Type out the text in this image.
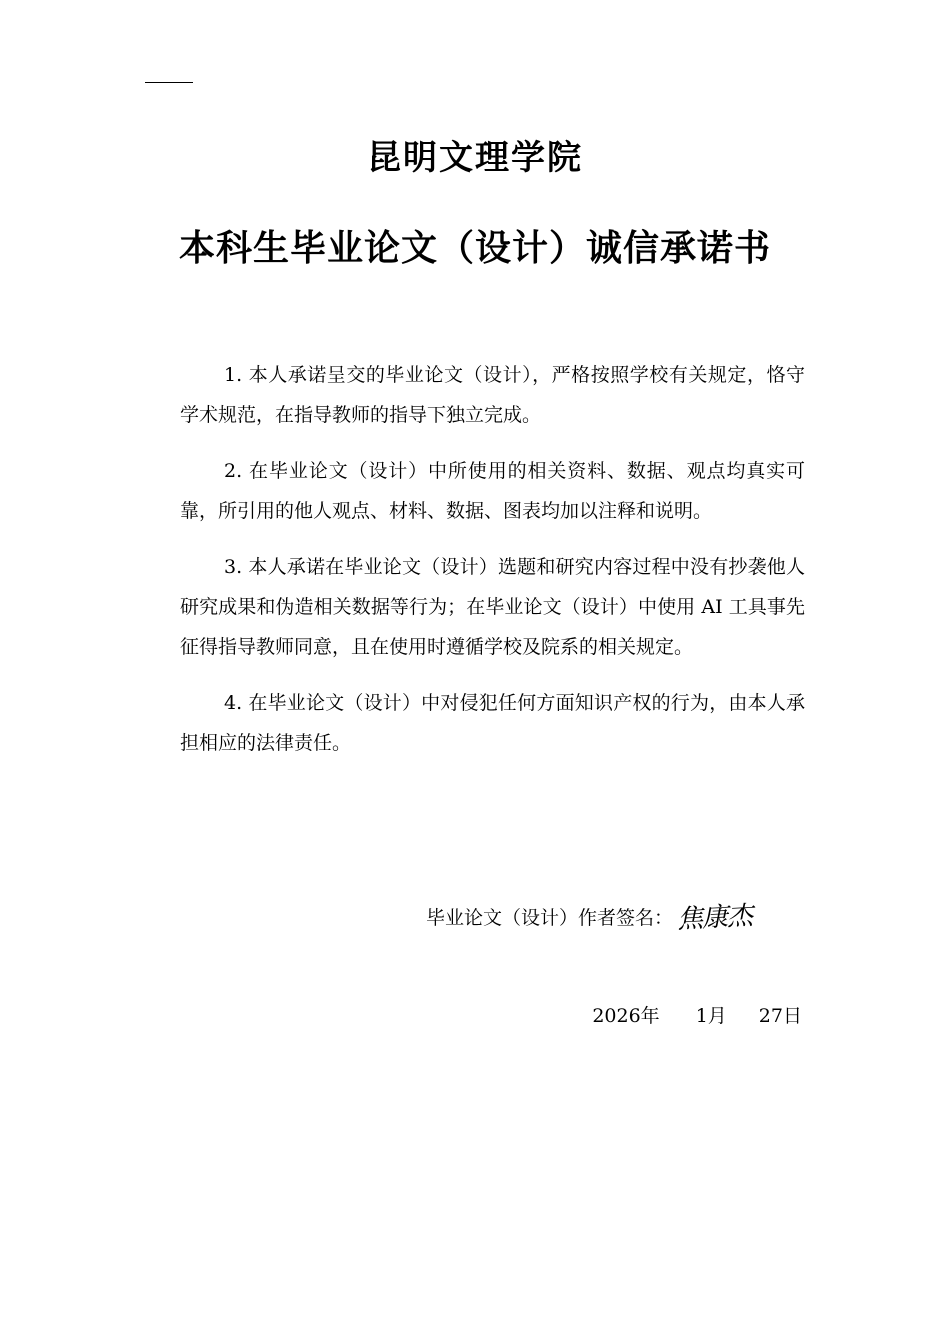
昆明文理学院
本科生毕业论文（设计）诚信承诺书

1. 本人承诺呈交的毕业论文（设计），严格按照学校有关规定，恪守学术规范，在指导教师的指导下独立完成。

2. 在毕业论文（设计）中所使用的相关资料、数据、观点均真实可靠，所引用的他人观点、材料、数据、图表均加以注释和说明。

3. 本人承诺在毕业论文（设计）选题和研究内容过程中没有抄袭他人研究成果和伪造相关数据等行为；在毕业论文（设计）中使用 AI 工具事先征得指导教师同意，且在使用时遵循学校及院系的相关规定。

4. 在毕业论文（设计）中对侵犯任何方面知识产权的行为，由本人承担相应的法律责任。

毕业论文（设计）作者签名： 焦康杰
2026年 1月 27日
